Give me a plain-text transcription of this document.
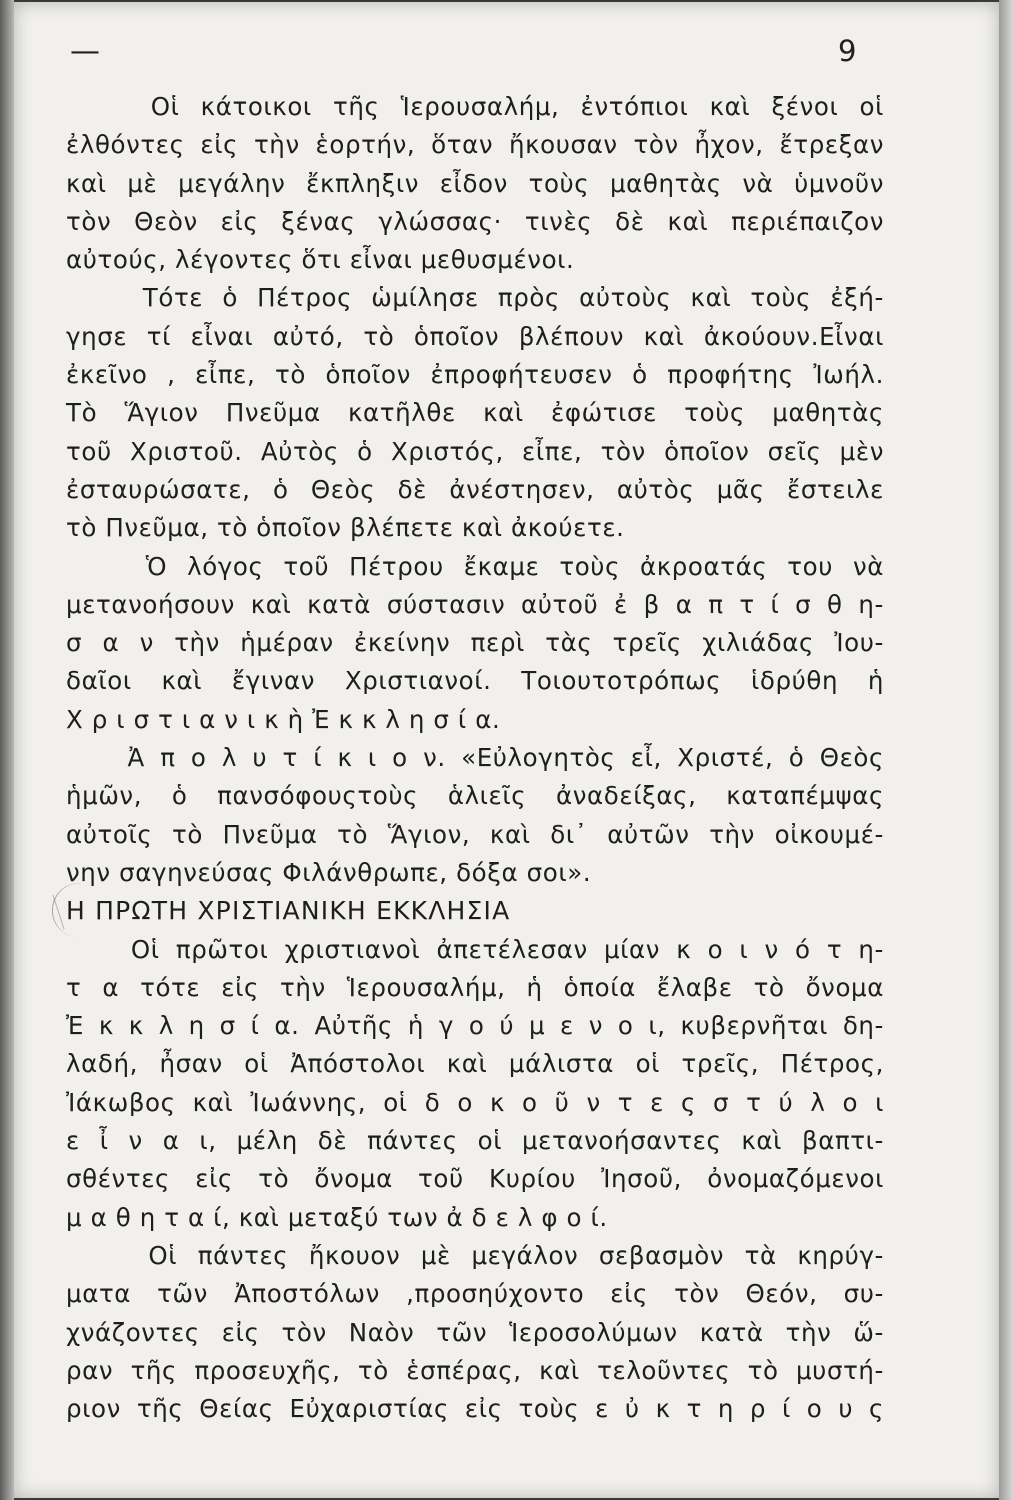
—	9
Οἱ κάτοικοι τῆς Ἱερουσαλήμ, ἐντόπιοι καὶ ξένοι οἱ
ἐλθόντες εἰς τὴν ἑορτήν, ὅταν ἤκουσαν τὸν ἦχον, ἔτρεξαν
καὶ μὲ μεγάλην ἔκπληξιν εἶδον τοὺς μαθητὰς νὰ ὑμνοῦν
τὸν Θεὸν εἰς ξένας γλώσσας· τινὲς δὲ καὶ περιέπαιζον
αὐτούς, λέγοντες ὅτι εἶναι μεθυσμένοι.
Τότε ὁ Πέτρος ὡμίλησε πρὸς αὐτοὺς καὶ τοὺς ἐξή-
γησε τί εἶναι αὐτό, τὸ ὁποῖον βλέπουν καὶ ἀκούουν.Εἶναι
ἐκεῖνο , εἶπε, τὸ ὁποῖον ἐπροφήτευσεν ὁ προφήτης Ἰωήλ.
Τὸ Ἅγιον Πνεῦμα κατῆλθε καὶ ἐφώτισε τοὺς μαθητὰς
τοῦ Χριστοῦ. Αὐτὸς ὁ Χριστός, εἶπε, τὸν ὁποῖον σεῖς μὲν
ἐσταυρώσατε, ὁ Θεὸς δὲ ἀνέστησεν, αὐτὸς μᾶς ἔστειλε
τὸ Πνεῦμα, τὸ ὁποῖον βλέπετε καὶ ἀκούετε.
Ὁ λόγος τοῦ Πέτρου ἔκαμε τοὺς ἀκροατάς του νὰ
μετανοήσουν καὶ κατὰ σύστασιν αὐτοῦ ἐ β α π τ ί σ θ η-
σ α ν τὴν ἡμέραν ἐκείνην περὶ τὰς τρεῖς χιλιάδας Ἰου-
δαῖοι καὶ ἔγιναν Χριστιανοί. Τοιουτοτρόπως ἱδρύθη ἡ
Χ ρ ι σ τ ι α ν ι κ ὴ Ἐ κ κ λ η σ ί α.
Ἀ π ο λ υ τ ί κ ι ο ν. «Εὐλογητὸς εἶ, Χριστέ, ὁ Θεὸς
ἡμῶν, ὁ πανσόφουςτοὺς ἁλιεῖς ἀναδείξας, καταπέμψας
αὐτοῖς τὸ Πνεῦμα τὸ Ἅγιον, καὶ δι᾽ αὐτῶν τὴν οἰκουμέ-
νην σαγηνεύσας Φιλάνθρωπε, δόξα σοι».
Η ΠΡΩΤΗ ΧΡΙΣΤΙΑΝΙΚΗ ΕΚΚΛΗΣΙΑ
Οἱ πρῶτοι χριστιανοὶ ἀπετέλεσαν μίαν κ ο ι ν ό τ η-
τ α τότε εἰς τὴν Ἱερουσαλήμ, ἡ ὁποία ἔλαβε τὸ ὄνομα
Ἐ κ κ λ η σ ί α. Αὐτῆς ἡ γ ο ύ μ ε ν ο ι, κυβερνῆται δη-
λαδή, ἦσαν οἱ Ἀπόστολοι καὶ μάλιστα οἱ τρεῖς, Πέτρος,
Ἰάκωβος καὶ Ἰωάννης, οἱ δ ο κ ο ῦ ν τ ε ς σ τ ύ λ ο ι
ε ἶ ν α ι, μέλη δὲ πάντες οἱ μετανοήσαντες καὶ βαπτι-
σθέντες εἰς τὸ ὄνομα τοῦ Κυρίου Ἰησοῦ, ὀνομαζόμενοι
μ α θ η τ α ί, καὶ μεταξύ των ἀ δ ε λ φ ο ί.
Οἱ πάντες ἤκουον μὲ μεγάλον σεβασμὸν τὰ κηρύγ-
ματα τῶν Ἀποστόλων ,προσηύχοντο εἰς τὸν Θεόν, συ-
χνάζοντες εἰς τὸν Ναὸν τῶν Ἱεροσολύμων κατὰ τὴν ὥ-
ραν τῆς προσευχῆς, τὸ ἑσπέρας, καὶ τελοῦντες τὸ μυστή-
ριον τῆς Θείας Εὐχαριστίας εἰς τοὺς ε ὐ κ τ η ρ ί ο υ ς
